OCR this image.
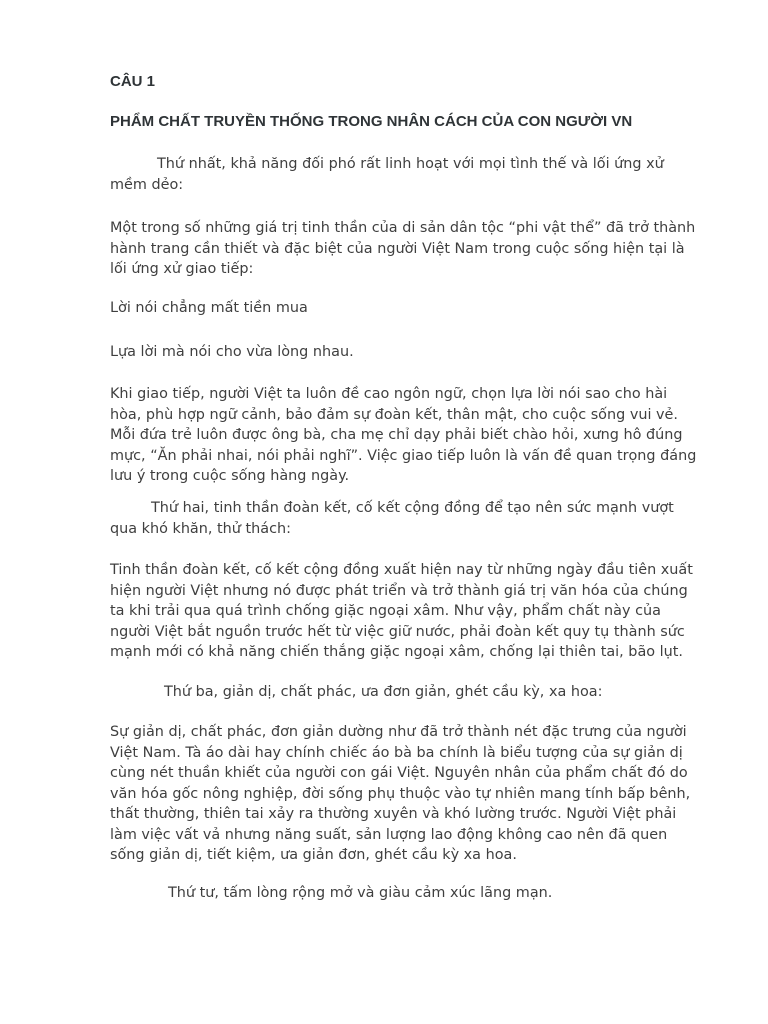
CÂU 1

PHẨM CHẤT TRUYỀN THỐNG TRONG NHÂN CÁCH CỦA CON NGƯỜI VN

Thứ nhất, khả năng đối phó rất linh hoạt với mọi tình thế và lối ứng xử mềm dẻo:

Một trong số những giá trị tinh thần của di sản dân tộc “phi vật thể” đã trở thành hành trang cần thiết và đặc biệt của người Việt Nam trong cuộc sống hiện tại là lối ứng xử giao tiếp:

Lời nói chẳng mất tiền mua

Lựa lời mà nói cho vừa lòng nhau.

Khi giao tiếp, người Việt ta luôn đề cao ngôn ngữ, chọn lựa lời nói sao cho hài hòa, phù hợp ngữ cảnh, bảo đảm sự đoàn kết, thân mật, cho cuộc sống vui vẻ. Mỗi đứa trẻ luôn được ông bà, cha mẹ chỉ dạy phải biết chào hỏi, xưng hô đúng mực, “Ăn phải nhai, nói phải nghĩ”. Việc giao tiếp luôn là vấn đề quan trọng đáng lưu ý trong cuộc sống hàng ngày.

Thứ hai, tinh thần đoàn kết, cố kết cộng đồng để tạo nên sức mạnh vượt qua khó khăn, thử thách:

Tinh thần đoàn kết, cố kết cộng đồng xuất hiện nay từ những ngày đầu tiên xuất hiện người Việt nhưng nó được phát triển và trở thành giá trị văn hóa của chúng ta khi trải qua quá trình chống giặc ngoại xâm. Như vậy, phẩm chất này của người Việt bắt nguồn trước hết từ việc giữ nước, phải đoàn kết quy tụ thành sức mạnh mới có khả năng chiến thắng giặc ngoại xâm, chống lại thiên tai, bão lụt.

Thứ ba, giản dị, chất phác, ưa đơn giản, ghét cầu kỳ, xa hoa:

Sự giản dị, chất phác, đơn giản dường như đã trở thành nét đặc trưng của người Việt Nam. Tà áo dài hay chính chiếc áo bà ba chính là biểu tượng của sự giản dị cùng nét thuần khiết của người con gái Việt. Nguyên nhân của phẩm chất đó do văn hóa gốc nông nghiệp, đời sống phụ thuộc vào tự nhiên mang tính bấp bênh, thất thường, thiên tai xảy ra thường xuyên và khó lường trước. Người Việt phải làm việc vất vả nhưng năng suất, sản lượng lao động không cao nên đã quen sống giản dị, tiết kiệm, ưa giản đơn, ghét cầu kỳ xa hoa.

Thứ tư, tấm lòng rộng mở và giàu cảm xúc lãng mạn.
